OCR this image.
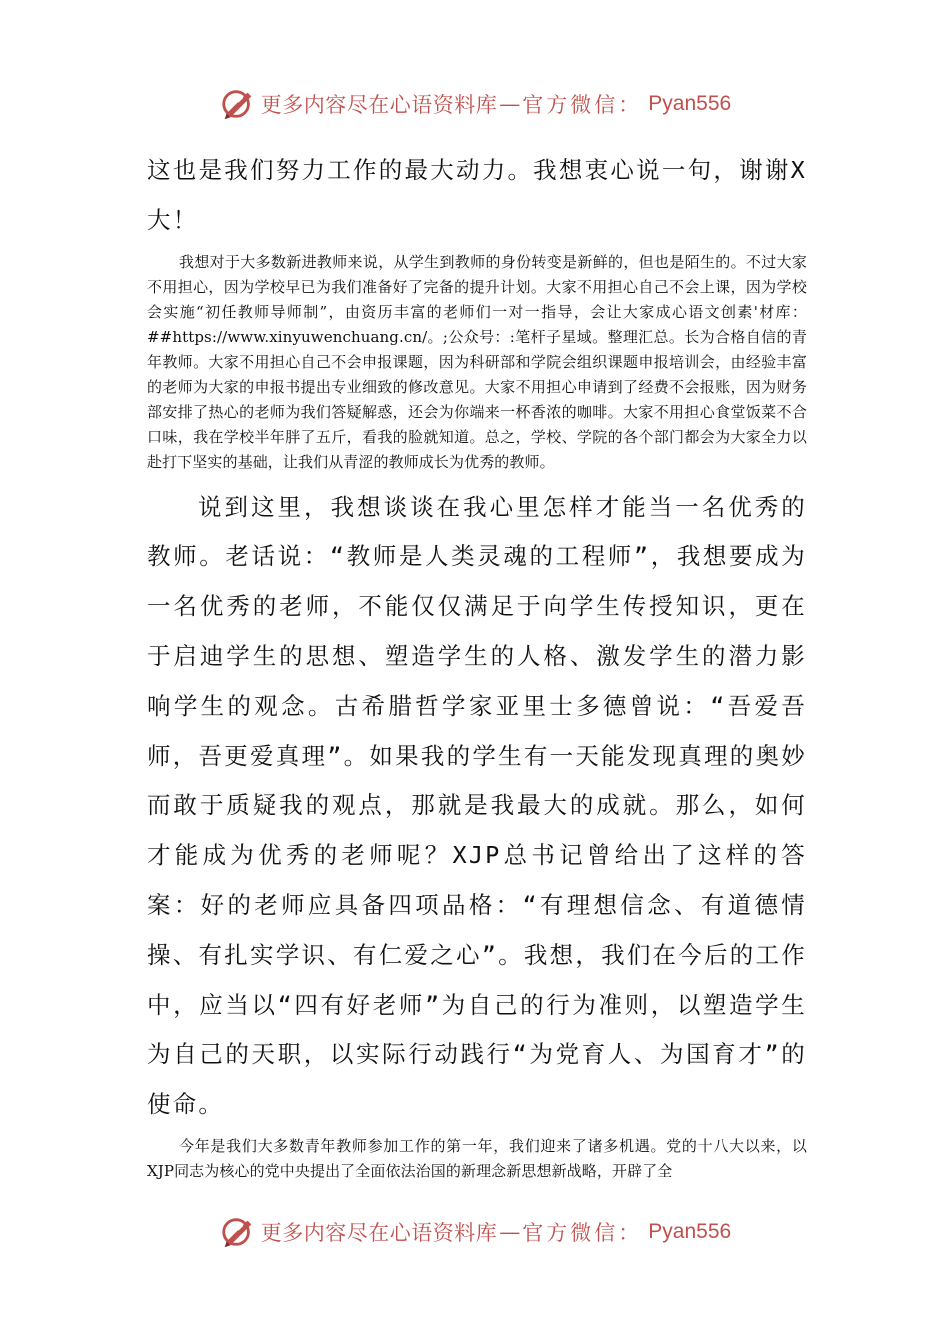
更多内容尽在心语资料库 — 官方微信： Pyan556

这也是我们努力工作的最大动力。我想衷心说一句，谢谢X大！

我想对于大多数新进教师来说，从学生到教师的身份转变是新鲜的，但也是陌生的。不过大家不用担心，因为学校早已为我们准备好了完备的提升计划。大家不用担心自己不会上课，因为学校会实施“初任教师导师制”，由资历丰富的老师们一对一指导，会让大家成心语文创素'材库：##https://www.xinyuwenchuang.cn/。;公众号：:笔杆子星域。整理汇总。长为合格自信的青年教师。大家不用担心自己不会申报课题，因为科研部和学院会组织课题申报培训会，由经验丰富的老师为大家的申报书提出专业细致的修改意见。大家不用担心申请到了经费不会报账，因为财务部安排了热心的老师为我们答疑解惑，还会为你端来一杯香浓的咖啡。大家不用担心食堂饭菜不合口味，我在学校半年胖了五斤，看我的脸就知道。总之，学校、学院的各个部门都会为大家全力以赴打下坚实的基础，让我们从青涩的教师成长为优秀的教师。

说到这里，我想谈谈在我心里怎样才能当一名优秀的教师。老话说：“教师是人类灵魂的工程师”，我想要成为一名优秀的老师，不能仅仅满足于向学生传授知识，更在于启迪学生的思想、塑造学生的人格、激发学生的潜力影响学生的观念。古希腊哲学家亚里士多德曾说：“吾爱吾师，吾更爱真理”。如果我的学生有一天能发现真理的奥妙而敢于质疑我的观点，那就是我最大的成就。那么，如何才能成为优秀的老师呢？XJP总书记曾给出了这样的答案：好的老师应具备四项品格：“有理想信念、有道德情操、有扎实学识、有仁爱之心”。我想，我们在今后的工作中，应当以“四有好老师”为自己的行为准则，以塑造学生为自己的天职，以实际行动践行“为党育人、为国育才”的使命。

今年是我们大多数青年教师参加工作的第一年，我们迎来了诸多机遇。党的十八大以来，以XJP同志为核心的党中央提出了全面依法治国的新理念新思想新战略，开辟了全

更多内容尽在心语资料库 — 官方微信： Pyan556
